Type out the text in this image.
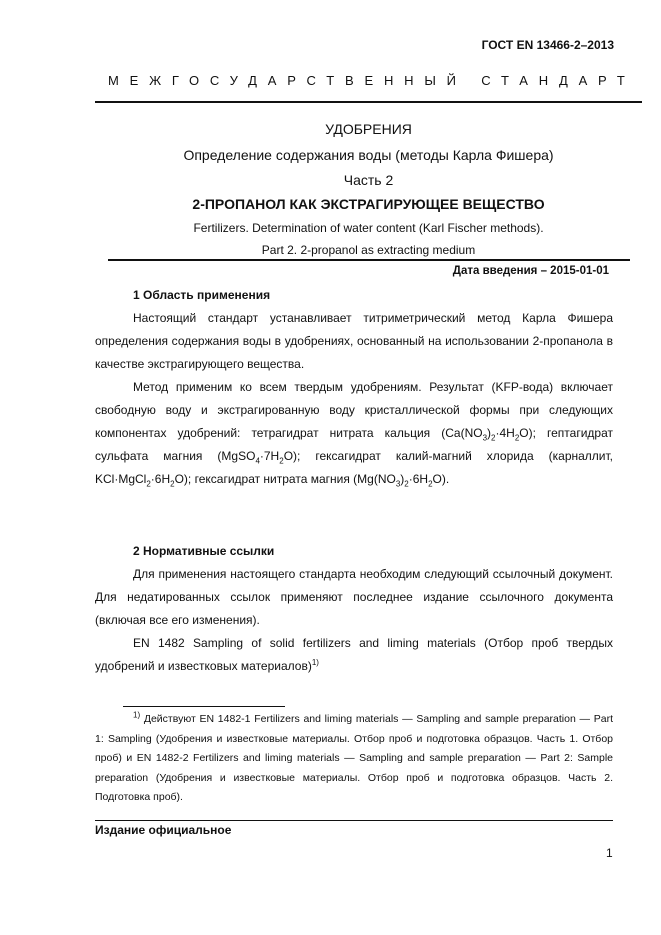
ГОСТ EN 13466-2–2013
МЕЖГОСУДАРСТВЕННЫЙ СТАНДАРТ
УДОБРЕНИЯ
Определение содержания воды (методы Карла Фишера)
Часть 2
2-ПРОПАНОЛ КАК ЭКСТРАГИРУЮЩЕЕ ВЕЩЕСТВО
Fertilizers. Determination of water content (Karl Fischer methods).
Part 2. 2-propanol as extracting medium
Дата введения – 2015-01-01

1 Область применения

Настоящий стандарт устанавливает титриметрический метод Карла Фишера определения содержания воды в удобрениях, основанный на использовании 2-пропанола в качестве экстрагирующего вещества.

Метод применим ко всем твердым удобрениям. Результат (KFP-вода) включает свободную воду и экстрагированную воду кристаллической формы при следующих компонентах удобрений: тетрагидрат нитрата кальция $(Ca(NO_3)_2\cdot 4H_2O)$; гептагидрат сульфата магния $(MgSO_4\cdot 7H_2O)$; гексагидрат калий-магний хлорида (карналлит, $KCl\cdot MgCl_2\cdot 6H_2O$); гексагидрат нитрата магния $(Mg(NO_3)_2\cdot 6H_2O)$.

2 Нормативные ссылки

Для применения настоящего стандарта необходим следующий ссылочный документ. Для недатированных ссылок применяют последнее издание ссылочного документа (включая все его изменения).

EN 1482 Sampling of solid fertilizers and liming materials (Отбор проб твердых удобрений и известковых материалов)$^{1)}$

$^{1)}$ Действуют EN 1482-1 Fertilizers and liming materials — Sampling and sample preparation — Part 1: Sampling (Удобрения и известковые материалы. Отбор проб и подготовка образцов. Часть 1. Отбор проб) и EN 1482-2 Fertilizers and liming materials — Sampling and sample preparation — Part 2: Sample preparation (Удобрения и известковые материалы. Отбор проб и подготовка образцов. Часть 2. Подготовка проб).

Издание официальное
1
